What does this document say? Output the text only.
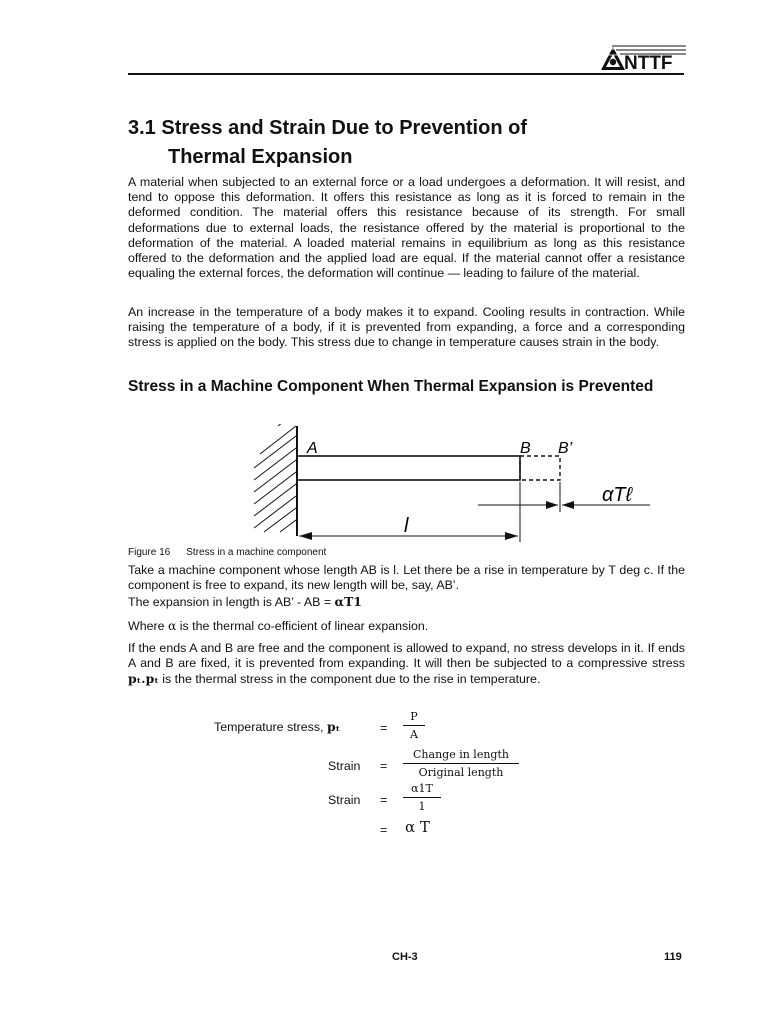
NTTF
3.1 Stress and Strain Due to Prevention of
Thermal Expansion
A material when subjected to an external force or a load undergoes a deformation. It will resist, and tend to oppose this deformation. It offers this resistance as long as it is forced to remain in the deformed condition. The material offers this resistance because of its strength. For small deformations due to external loads, the resistance offered by the material is proportional to the deformation of the material. A loaded material remains in equilibrium as long as this resistance offered to the deformation and the applied load are equal. If the material cannot offer a resistance equaling the external forces, the deformation will continue — leading to failure of the material.
An increase in the temperature of a body makes it to expand. Cooling results in contraction. While raising the temperature of a body, if it is prevented from expanding, a force and a corresponding stress is applied on the body. This stress due to change in temperature causes strain in the body.
Stress in a Machine Component When Thermal Expansion is Prevented
A	B B’
αTℓ
l
Figure 16 Stress in a machine component
Take a machine component whose length AB is l. Let there be a rise in temperature by T deg c. If the component is free to expand, its new length will be, say, AB’.
The expansion in length is AB’ - AB = αT1
Where α is the thermal co-efficient of linear expansion.
If the ends A and B are free and the component is allowed to expand, no stress develops in it. If ends A and B are fixed, it is prevented from expanding. It will then be subjected to a compressive stress pₜ.pₜ is the thermal stress in the component due to the rise in temperature.
Temperature stress, pₜ	= $\frac{P}{A}$
Strain =
Change in length
Original length
Strain = $\frac{\alpha 1T}{1}$
= α T
CH-3	119
